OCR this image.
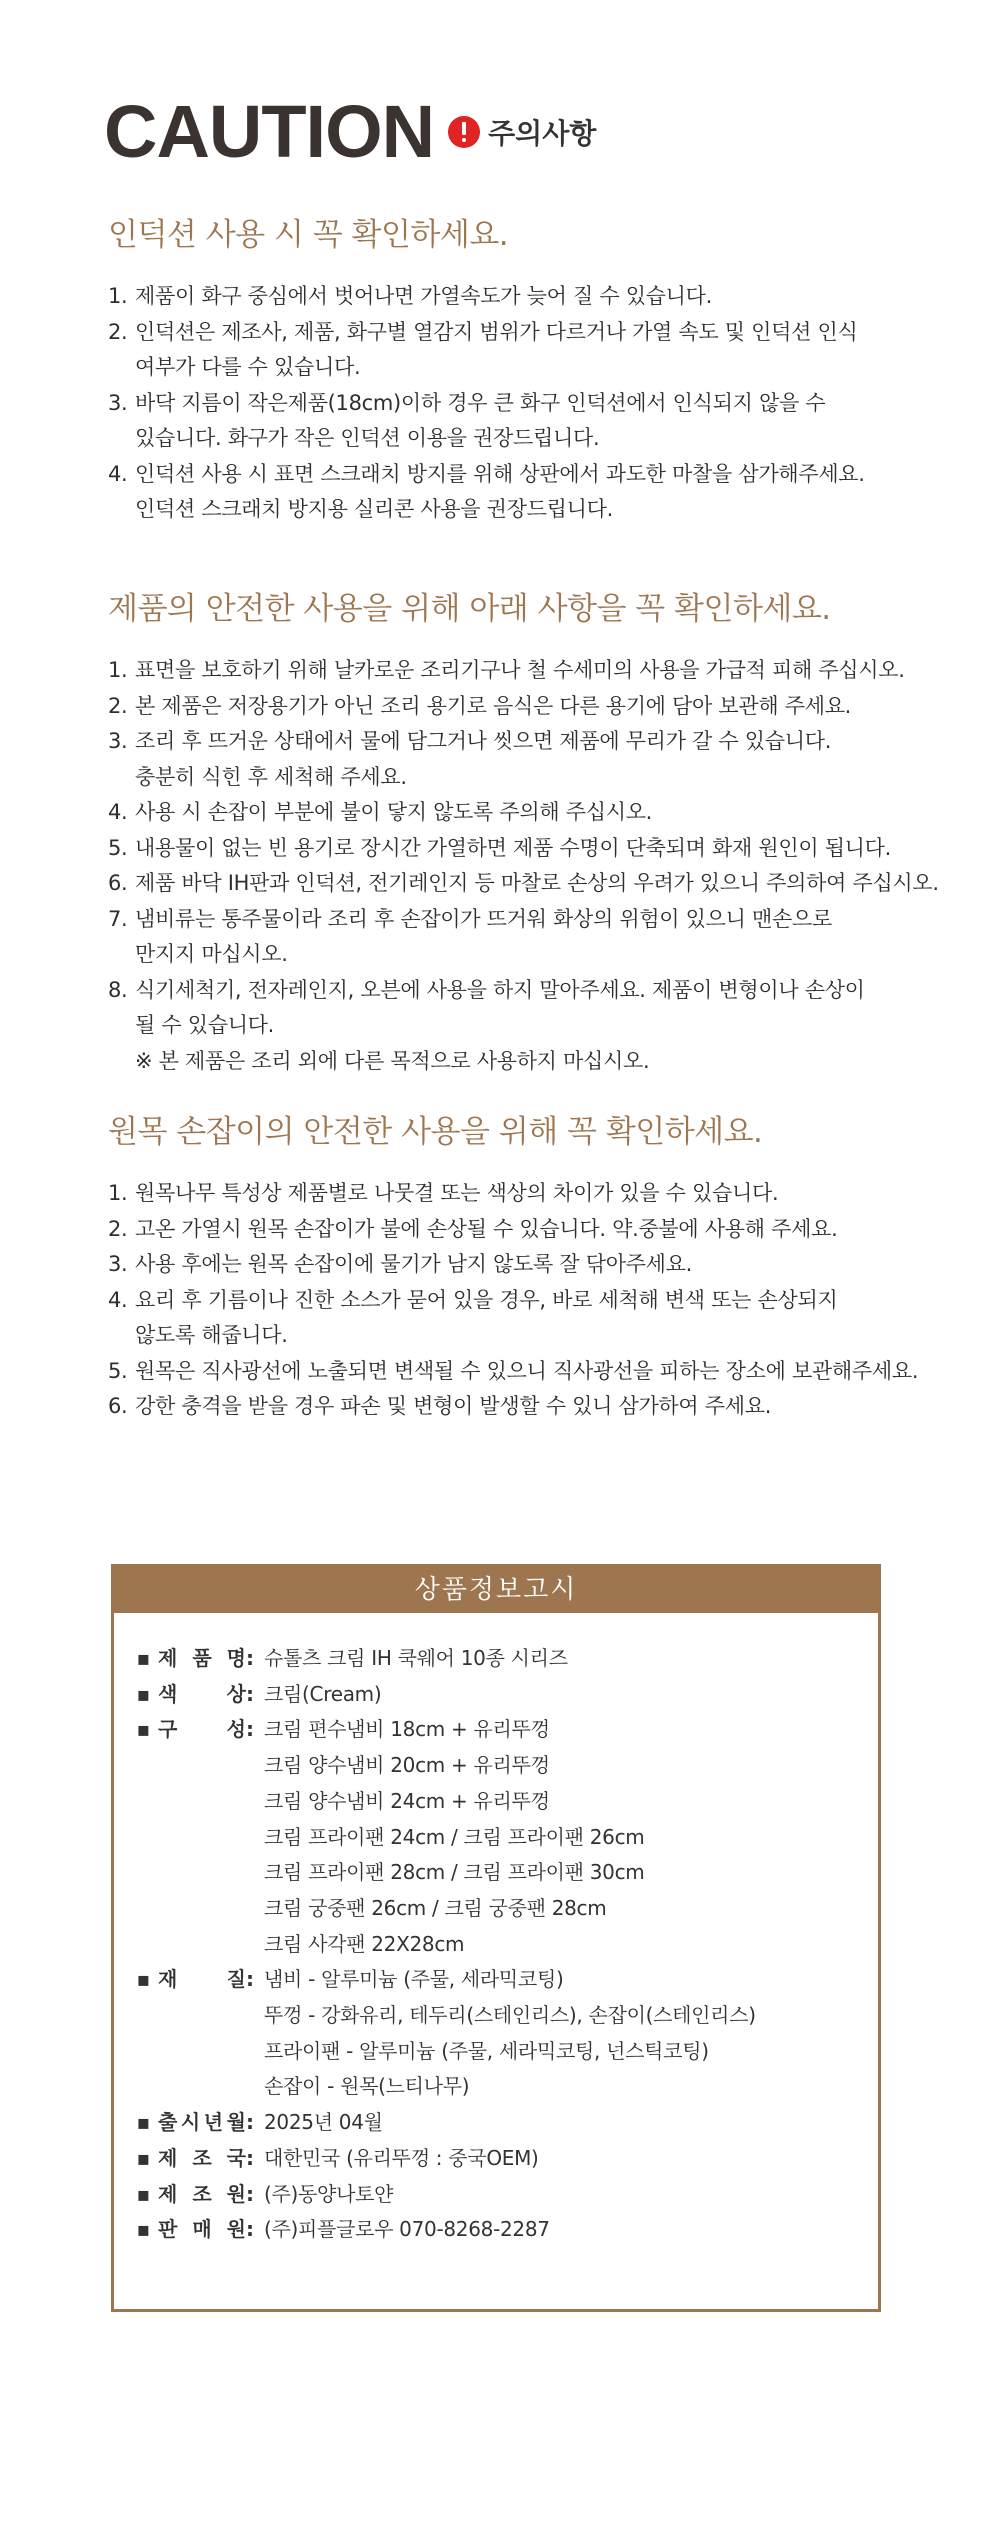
CAUTION 주의사항
인덕션 사용 시 꼭 확인하세요.
1. 제품이 화구 중심에서 벗어나면 가열속도가 늦어 질 수 있습니다.
2. 인덕션은 제조사, 제품, 화구별 열감지 범위가 다르거나 가열 속도 및 인덕션 인식
여부가 다를 수 있습니다.
3. 바닥 지름이 작은제품(18cm)이하 경우 큰 화구 인덕션에서 인식되지 않을 수
있습니다. 화구가 작은 인덕션 이용을 권장드립니다.
4. 인덕션 사용 시 표면 스크래치 방지를 위해 상판에서 과도한 마찰을 삼가해주세요.
인덕션 스크래치 방지용 실리콘 사용을 권장드립니다.
제품의 안전한 사용을 위해 아래 사항을 꼭 확인하세요.
1. 표면을 보호하기 위해 날카로운 조리기구나 철 수세미의 사용을 가급적 피해 주십시오.
2. 본 제품은 저장용기가 아닌 조리 용기로 음식은 다른 용기에 담아 보관해 주세요.
3. 조리 후 뜨거운 상태에서 물에 담그거나 씻으면 제품에 무리가 갈 수 있습니다.
충분히 식힌 후 세척해 주세요.
4. 사용 시 손잡이 부분에 불이 닿지 않도록 주의해 주십시오.
5. 내용물이 없는 빈 용기로 장시간 가열하면 제품 수명이 단축되며 화재 원인이 됩니다.
6. 제품 바닥 IH판과 인덕션, 전기레인지 등 마찰로 손상의 우려가 있으니 주의하여 주십시오.
7. 냄비류는 통주물이라 조리 후 손잡이가 뜨거워 화상의 위험이 있으니 맨손으로
만지지 마십시오.
8. 식기세척기, 전자레인지, 오븐에 사용을 하지 말아주세요. 제품이 변형이나 손상이
될 수 있습니다.
※ 본 제품은 조리 외에 다른 목적으로 사용하지 마십시오.
원목 손잡이의 안전한 사용을 위해 꼭 확인하세요.
1. 원목나무 특성상 제품별로 나뭇결 또는 색상의 차이가 있을 수 있습니다.
2. 고온 가열시 원목 손잡이가 불에 손상될 수 있습니다. 약.중불에 사용해 주세요.
3. 사용 후에는 원목 손잡이에 물기가 남지 않도록 잘 닦아주세요.
4. 요리 후 기름이나 진한 소스가 묻어 있을 경우, 바로 세척해 변색 또는 손상되지
않도록 해줍니다.
5. 원목은 직사광선에 노출되면 변색될 수 있으니 직사광선을 피하는 장소에 보관해주세요.
6. 강한 충격을 받을 경우 파손 및 변형이 발생할 수 있니 삼가하여 주세요.
상품정보고시
▪ 제 품 명 : 슈톨츠 크림 IH 쿡웨어 10종 시리즈
▪ 색 상 : 크림(Cream)
▪ 구 성 : 크림 편수냄비 18cm + 유리뚜껑
크림 양수냄비 20cm + 유리뚜껑
크림 양수냄비 24cm + 유리뚜껑
크림 프라이팬 24cm / 크림 프라이팬 26cm
크림 프라이팬 28cm / 크림 프라이팬 30cm
크림 궁중팬 26cm / 크림 궁중팬 28cm
크림 사각팬 22X28cm
▪ 재 질 : 냄비 - 알루미늄 (주물, 세라믹코팅)
뚜껑 - 강화유리, 테두리(스테인리스), 손잡이(스테인리스)
프라이팬 - 알루미늄 (주물, 세라믹코팅, 넌스틱코팅)
손잡이 - 원목(느티나무)
▪ 출 시 년 월 : 2025년 04월
▪ 제 조 국 : 대한민국 (유리뚜껑 : 중국OEM)
▪ 제 조 원 : (주)동양나토얀
▪ 판 매 원 : (주)피플글로우 070-8268-2287
